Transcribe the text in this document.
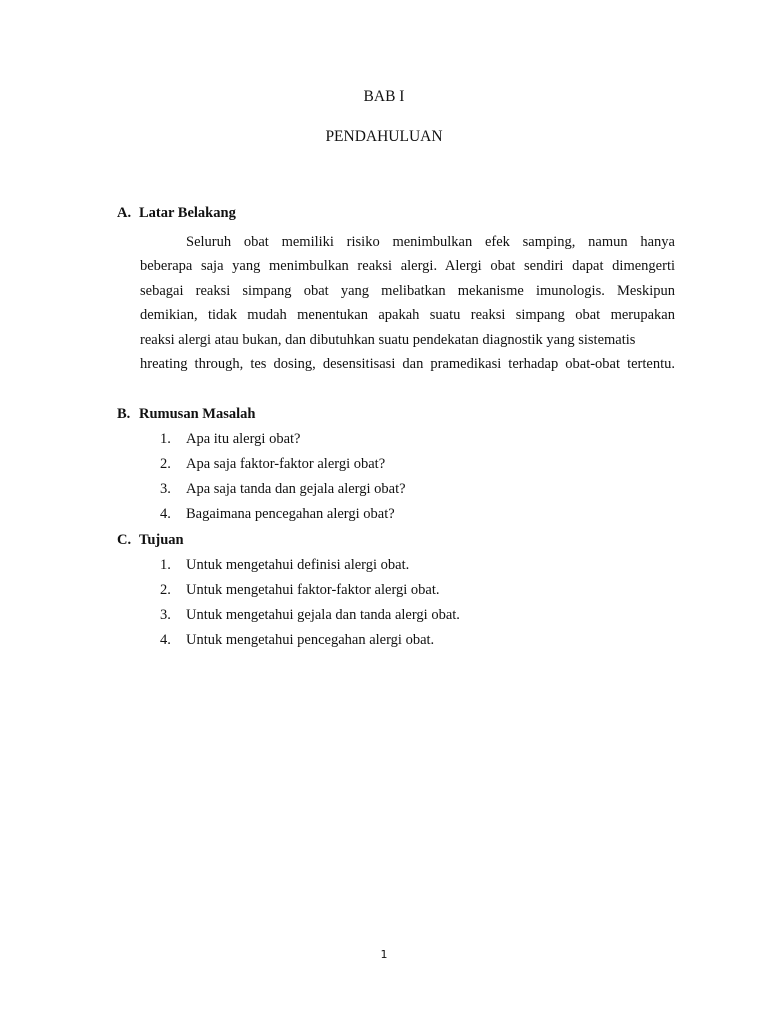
BAB I
PENDAHULUAN
A. Latar Belakang
Seluruh obat memiliki risiko menimbulkan efek samping, namun hanya
beberapa saja yang menimbulkan reaksi alergi. Alergi obat sendiri dapat dimengerti
sebagai reaksi simpang obat yang melibatkan mekanisme imunologis. Meskipun
demikian, tidak mudah menentukan apakah suatu reaksi simpang obat merupakan
reaksi alergi atau bukan, dan dibutuhkan suatu pendekatan diagnostik yang sistematis
hreating through, tes dosing, desensitisasi dan pramedikasi terhadap obat-obat tertentu.
B. Rumusan Masalah
1. Apa itu alergi obat?
2. Apa saja faktor-faktor alergi obat?
3. Apa saja tanda dan gejala alergi obat?
4. Bagaimana pencegahan alergi obat?
C. Tujuan
1. Untuk mengetahui definisi alergi obat.
2. Untuk mengetahui faktor-faktor alergi obat.
3. Untuk mengetahui gejala dan tanda alergi obat.
4. Untuk mengetahui pencegahan alergi obat.
1
